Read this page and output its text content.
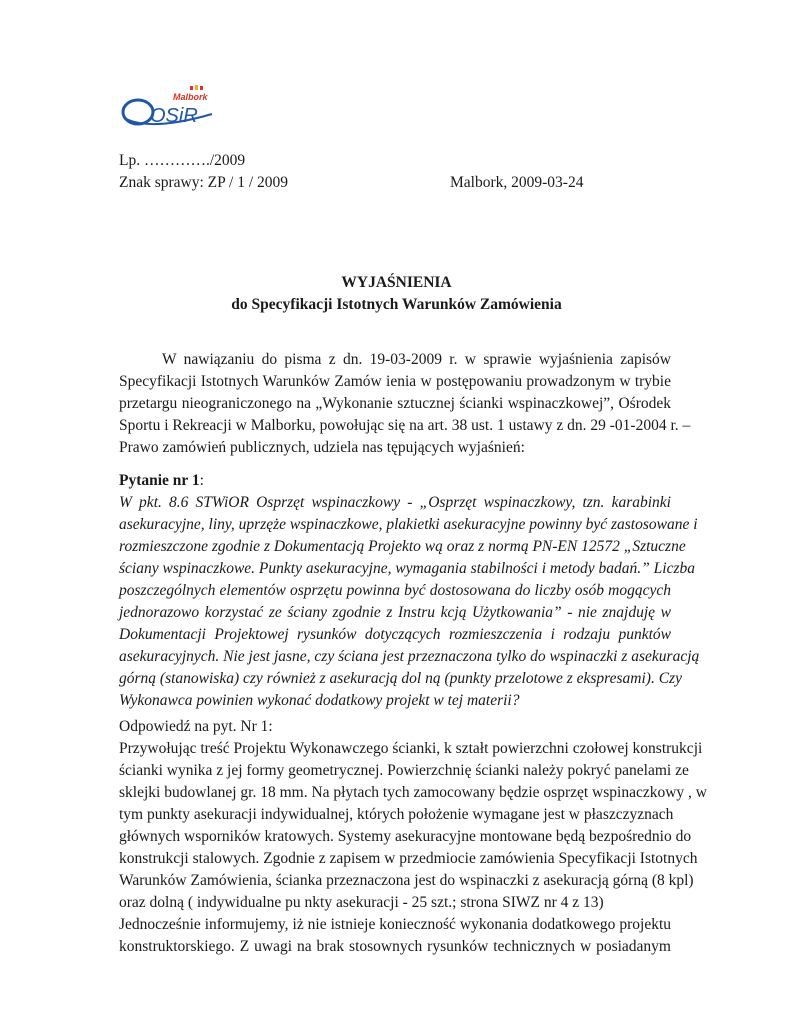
Malbork
OSiR
Lp. …………./2009
Znak sprawy: ZP / 1 / 2009	Malbork, 2009-03-24
WYJAŚNIENIA
do Specyfikacji Istotnych Warunków Zamówienia
W nawiązaniu do pisma z dn. 19-03-2009 r. w sprawie wyjaśnienia zapisów
Specyfikacji Istotnych Warunków Zamów ienia w postępowaniu prowadzonym w trybie
przetargu nieograniczonego na „Wykonanie sztucznej ścianki wspinaczkowej”, Ośrodek
Sportu i Rekreacji w Malborku, powołując się na art. 38 ust. 1 ustawy z dn. 29 -01-2004 r. –
Prawo zamówień publicznych, udziela nas tępujących wyjaśnień:
Pytanie nr 1:
W pkt. 8.6 STWiOR Osprzęt wspinaczkowy - „Osprzęt wspinaczkowy, tzn. karabinki
asekuracyjne, liny, uprzęże wspinaczkowe, plakietki asekuracyjne powinny być zastosowane i
rozmieszczone zgodnie z Dokumentacją Projekto wą oraz z normą PN-EN 12572 „Sztuczne
ściany wspinaczkowe. Punkty asekuracyjne, wymagania stabilności i metody badań.” Liczba
poszczególnych elementów osprzętu powinna być dostosowana do liczby osób mogących
jednorazowo korzystać ze ściany zgodnie z Instru kcją Użytkowania” - nie znajduję w
Dokumentacji Projektowej rysunków dotyczących rozmieszczenia i rodzaju punktów
asekuracyjnych. Nie jest jasne, czy ściana jest przeznaczona tylko do wspinaczki z asekuracją
górną (stanowiska) czy również z asekuracją dol ną (punkty przelotowe z ekspresami). Czy
Wykonawca powinien wykonać dodatkowy projekt w tej materii?
Odpowiedź na pyt. Nr 1:
Przywołując treść Projektu Wykonawczego ścianki, k ształt powierzchni czołowej konstrukcji
ścianki wynika z jej formy geometrycznej. Powierzchnię ścianki należy pokryć panelami ze
sklejki budowlanej gr. 18 mm. Na płytach tych zamocowany będzie osprzęt wspinaczkowy , w
tym punkty asekuracji indywidualnej, których położenie wymagane jest w płaszczyznach
głównych wsporników kratowych. Systemy asekuracyjne montowane będą bezpośrednio do
konstrukcji stalowych. Zgodnie z zapisem w przedmiocie zamówienia Specyfikacji Istotnych
Warunków Zamówienia, ścianka przeznaczona jest do wspinaczki z asekuracją górną (8 kpl)
oraz dolną ( indywidualne pu nkty asekuracji - 25 szt.; strona SIWZ nr 4 z 13)
Jednocześnie informujemy, iż nie istnieje konieczność wykonania dodatkowego projektu
konstruktorskiego. Z uwagi na brak stosownych rysunków technicznych w posiadanym
